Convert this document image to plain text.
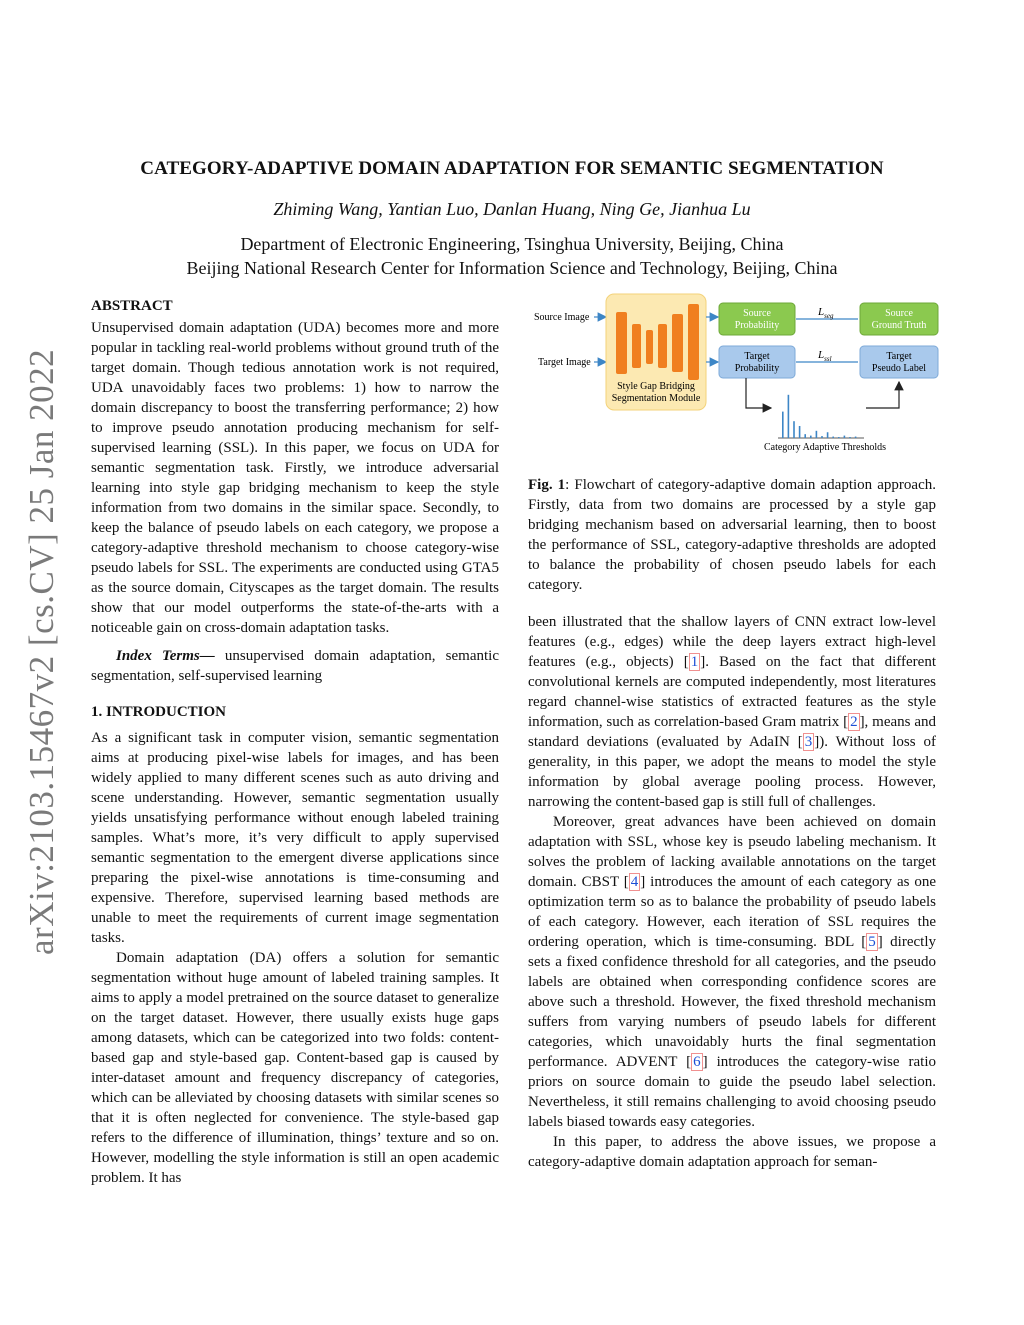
arXiv:2103.15467v2 [cs.CV] 25 Jan 2022
CATEGORY-ADAPTIVE DOMAIN ADAPTATION FOR SEMANTIC SEGMENTATION
Zhiming Wang, Yantian Luo, Danlan Huang, Ning Ge, Jianhua Lu
Department of Electronic Engineering, Tsinghua University, Beijing, China
Beijing National Research Center for Information Science and Technology, Beijing, China

ABSTRACT

Unsupervised domain adaptation (UDA) becomes more and more popular in tackling real-world problems without ground truth of the target domain. Though tedious annotation work is not required, UDA unavoidably faces two problems: 1) how to narrow the domain discrepancy to boost the transferring performance; 2) how to improve pseudo annotation producing mechanism for self-supervised learning (SSL). In this paper, we focus on UDA for semantic segmentation task. Firstly, we introduce adversarial learning into style gap bridging mechanism to keep the style information from two domains in the similar space. Secondly, to keep the balance of pseudo labels on each category, we propose a category-adaptive threshold mechanism to choose category-wise pseudo labels for SSL. The experiments are conducted using GTA5 as the source domain, Cityscapes as the target domain. The results show that our model outperforms the state-of-the-arts with a noticeable gain on cross-domain adaptation tasks.

Index Terms— unsupervised domain adaptation, semantic segmentation, self-supervised learning

1. INTRODUCTION

As a significant task in computer vision, semantic segmentation aims at producing pixel-wise labels for images, and has been widely applied to many different scenes such as auto driving and scene understanding. However, semantic segmentation usually yields unsatisfying performance without enough labeled training samples. What’s more, it’s very difficult to apply supervised semantic segmentation to the emergent diverse applications since preparing the pixel-wise annotations is time-consuming and expensive. Therefore, supervised learning based methods are unable to meet the requirements of current image segmentation tasks.

Domain adaptation (DA) offers a solution for semantic segmentation without huge amount of labeled training samples. It aims to apply a model pretrained on the source dataset to generalize on the target dataset. However, there usually exists huge gaps among datasets, which can be categorized into two folds: content-based gap and style-based gap. Content-based gap is caused by inter-dataset amount and frequency discrepancy of categories, which can be alleviated by choosing datasets with similar scenes so that it is often neglected for convenience. The style-based gap refers to the difference of illumination, things’ texture and so on. However, modelling the style information is still an open academic problem. It has

Source Image
Target Image
Style Gap Bridging
Segmentation Module
Source
Probability
Target
Probability
$L_{seg}$
$L_{ssl}$
Source
Ground Truth
Target
Pseudo Label
Category Adaptive Thresholds
Fig. 1: Flowchart of category-adaptive domain adaption approach. Firstly, data from two domains are processed by a style gap bridging mechanism based on adversarial learning, then to boost the performance of SSL, category-adaptive thresholds are adopted to balance the probability of chosen pseudo labels for each category.

been illustrated that the shallow layers of CNN extract low-level features (e.g., edges) while the deep layers extract high-level features (e.g., objects) [ 1 ]. Based on the fact that different convolutional kernels are computed independently, most literatures regard channel-wise statistics of extracted features as the style information, such as correlation-based Gram matrix [ 2 ], means and standard deviations (evaluated by AdaIN [ 3 ]). Without loss of generality, in this paper, we adopt the means to model the style information by global average pooling process. However, narrowing the content-based gap is still full of challenges.

Moreover, great advances have been achieved on domain adaptation with SSL, whose key is pseudo labeling mechanism. It solves the problem of lacking available annotations on the target domain. CBST [ 4 ] introduces the amount of each category as one optimization term so as to balance the probability of pseudo labels of each category. However, each iteration of SSL requires the ordering operation, which is time-consuming. BDL [ 5 ] directly sets a fixed confidence threshold for all categories, and the pseudo labels are obtained when corresponding confidence scores are above such a threshold. However, the fixed threshold mechanism suffers from varying numbers of pseudo labels for different categories, which unavoidably hurts the final segmentation performance. ADVENT [ 6 ] introduces the category-wise ratio priors on source domain to guide the pseudo label selection. Nevertheless, it still remains challenging to avoid choosing pseudo labels biased towards easy categories.

In this paper, to address the above issues, we propose a category-adaptive domain adaptation approach for seman-
